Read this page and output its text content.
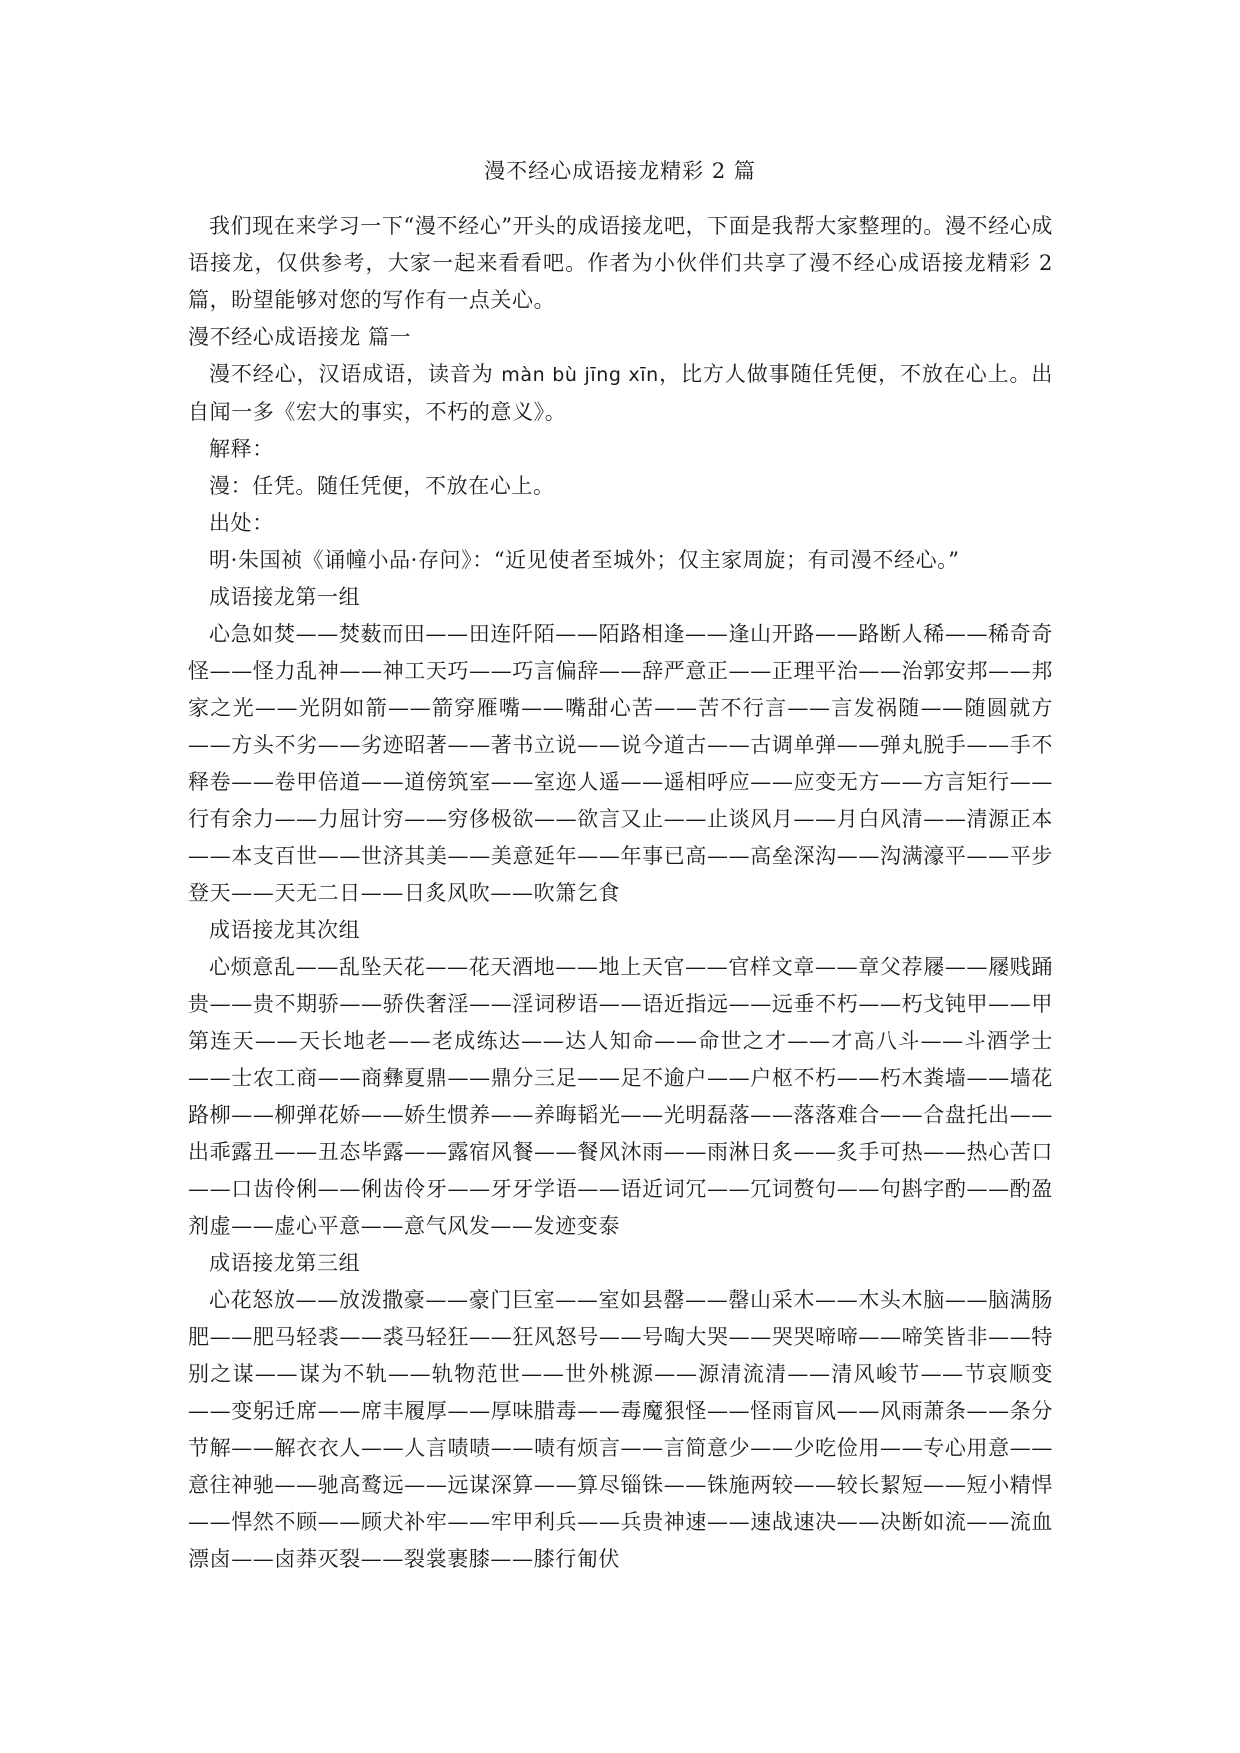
漫不经心成语接龙精彩 2 篇

我们现在来学习一下“漫不经心”开头的成语接龙吧，下面是我帮大家整理的。漫不经心成语接龙，仅供参考，大家一起来看看吧。作者为小伙伴们共享了漫不经心成语接龙精彩 2 篇，盼望能够对您的写作有一点关心。

漫不经心成语接龙 篇一

漫不经心，汉语成语，读音为 màn bù jīng xīn，比方人做事随任凭便，不放在心上。出自闻一多《宏大的事实，不朽的意义》。

解释：

漫：任凭。随任凭便，不放在心上。

出处：

明·朱国祯《诵幢小品·存问》：“近见使者至城外；仅主家周旋；有司漫不经心。”

成语接龙第一组

心急如焚——焚薮而田——田连阡陌——陌路相逢——逢山开路——路断人稀——稀奇奇怪——怪力乱神——神工天巧——巧言偏辞——辞严意正——正理平治——治郭安邦——邦家之光——光阴如箭——箭穿雁嘴——嘴甜心苦——苦不行言——言发祸随——随圆就方——方头不劣——劣迹昭著——著书立说——说今道古——古调单弹——弹丸脱手——手不释卷——卷甲倍道——道傍筑室——室迩人遥——遥相呼应——应变无方——方言矩行——行有余力——力屈计穷——穷侈极欲——欲言又止——止谈风月——月白风清——清源正本——本支百世——世济其美——美意延年——年事已高——高垒深沟——沟满濠平——平步登天——天无二日——日炙风吹——吹箫乞食

成语接龙其次组

心烦意乱——乱坠天花——花天酒地——地上天官——官样文章——章父荐屦——屦贱踊贵——贵不期骄——骄佚奢淫——淫词秽语——语近指远——远垂不朽——朽戈钝甲——甲第连天——天长地老——老成练达——达人知命——命世之才——才高八斗——斗酒学士——士农工商——商彝夏鼎——鼎分三足——足不逾户——户枢不朽——朽木粪墙——墙花路柳——柳弹花娇——娇生惯养——养晦韬光——光明磊落——落落难合——合盘托出——出乖露丑——丑态毕露——露宿风餐——餐风沐雨——雨淋日炙——炙手可热——热心苦口——口齿伶俐——俐齿伶牙——牙牙学语——语近词冗——冗词赘句——句斟字酌——酌盈剂虚——虚心平意——意气风发——发迹变泰

成语接龙第三组

心花怒放——放泼撒豪——豪门巨室——室如县罄——罄山采木——木头木脑——脑满肠肥——肥马轻裘——裘马轻狂——狂风怒号——号啕大哭——哭哭啼啼——啼笑皆非——特别之谋——谋为不轨——轨物范世——世外桃源——源清流清——清风峻节——节哀顺变——变躬迁席——席丰履厚——厚味腊毒——毒魔狠怪——怪雨盲风——风雨萧条——条分节解——解衣衣人——人言啧啧——啧有烦言——言简意少——少吃俭用——专心用意——意往神驰——驰高鹜远——远谋深算——算尽锱铢——铢施两较——较长絜短——短小精悍——悍然不顾——顾犬补牢——牢甲利兵——兵贵神速——速战速决——决断如流——流血漂卤——卤莽灭裂——裂裳裹膝——膝行匍伏
